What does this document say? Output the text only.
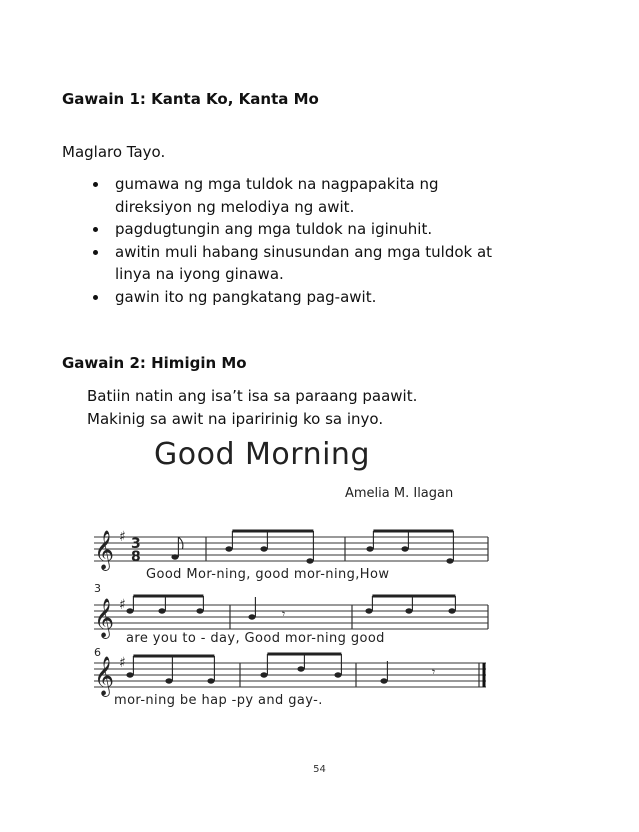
Gawain 1: Kanta Ko, Kanta Mo
Maglaro Tayo.
gumawa ng mga tuldok na nagpapakita ng
direksiyon ng melodiya ng awit.
pagdugtungin ang mga tuldok na iginuhit.
awitin muli habang sinusundan ang mga tuldok at
linya na iyong ginawa.
gawin ito ng pangkatang pag-awit.
Gawain 2: Himigin Mo
Batiin natin ang isa’t isa sa paraang paawit.
Makinig sa awit na iparirinig ko sa inyo.
Good Morning
Amelia M. Ilagan
𝄞
𝄞
𝄞
♯
♯
♯
3
8
𝄾
𝄾
3
6
Good Mor-ning, good mor-ning,How
are you to - day, Good mor-ning good
mor-ning be hap -py and gay-.
54
